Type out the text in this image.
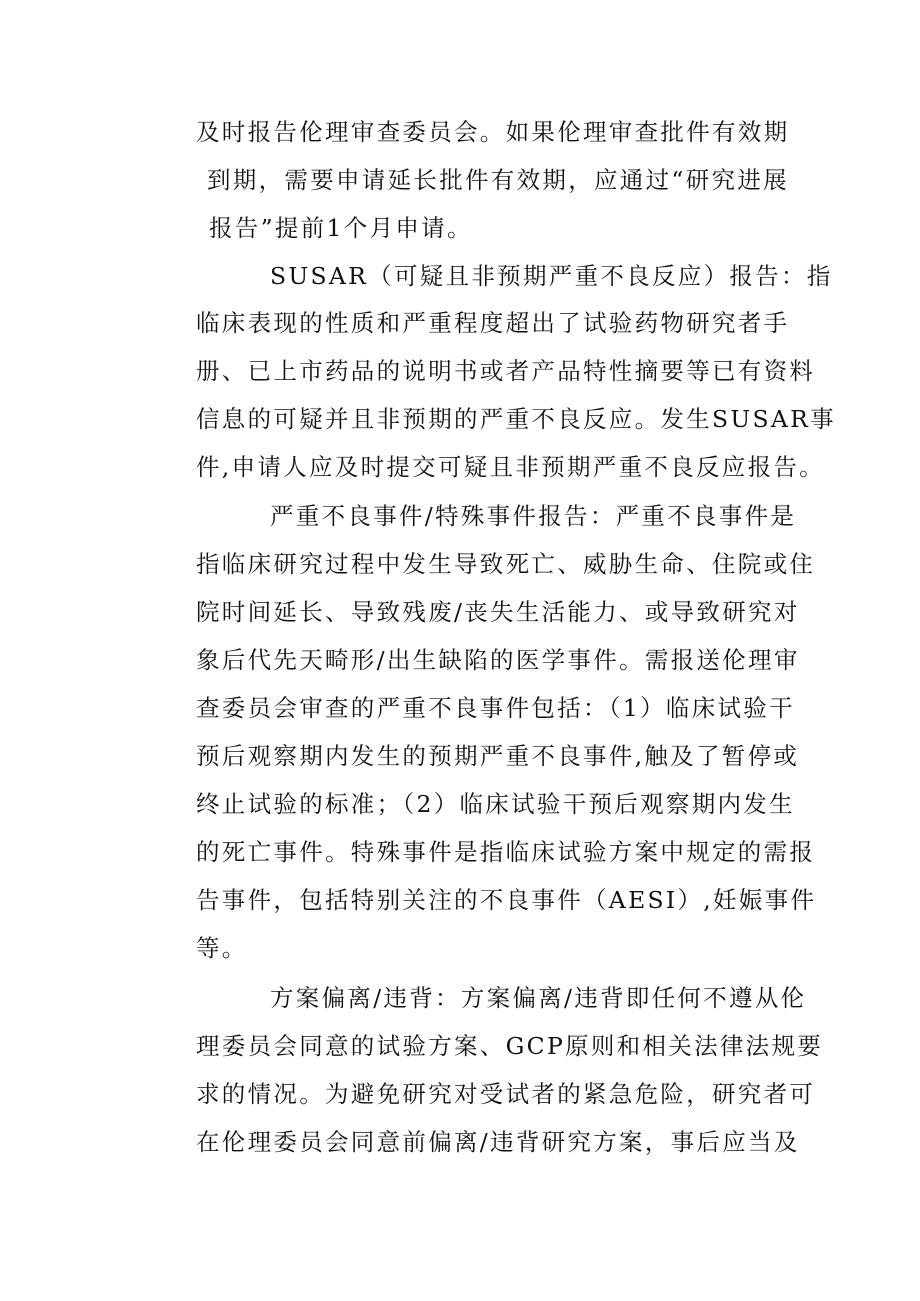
及时报告伦理审查委员会。如果伦理审查批件有效期
到期，需要申请延长批件有效期，应通过“研究进展
报告”提前1个月申请。
SUSAR（可疑且非预期严重不良反应）报告：指
临床表现的性质和严重程度超出了试验药物研究者手
册、已上市药品的说明书或者产品特性摘要等已有资料
信息的可疑并且非预期的严重不良反应。发生SUSAR事
件,申请人应及时提交可疑且非预期严重不良反应报告。
严重不良事件/特殊事件报告：严重不良事件是
指临床研究过程中发生导致死亡、威胁生命、住院或住
院时间延长、导致残废/丧失生活能力、或导致研究对
象后代先天畸形/出生缺陷的医学事件。需报送伦理审
查委员会审查的严重不良事件包括：（1）临床试验干
预后观察期内发生的预期严重不良事件,触及了暂停或
终止试验的标准；（2）临床试验干预后观察期内发生
的死亡事件。特殊事件是指临床试验方案中规定的需报
告事件，包括特别关注的不良事件（AESI）,妊娠事件
等。
方案偏离/违背：方案偏离/违背即任何不遵从伦
理委员会同意的试验方案、GCP原则和相关法律法规要
求的情况。为避免研究对受试者的紧急危险，研究者可
在伦理委员会同意前偏离/违背研究方案，事后应当及
